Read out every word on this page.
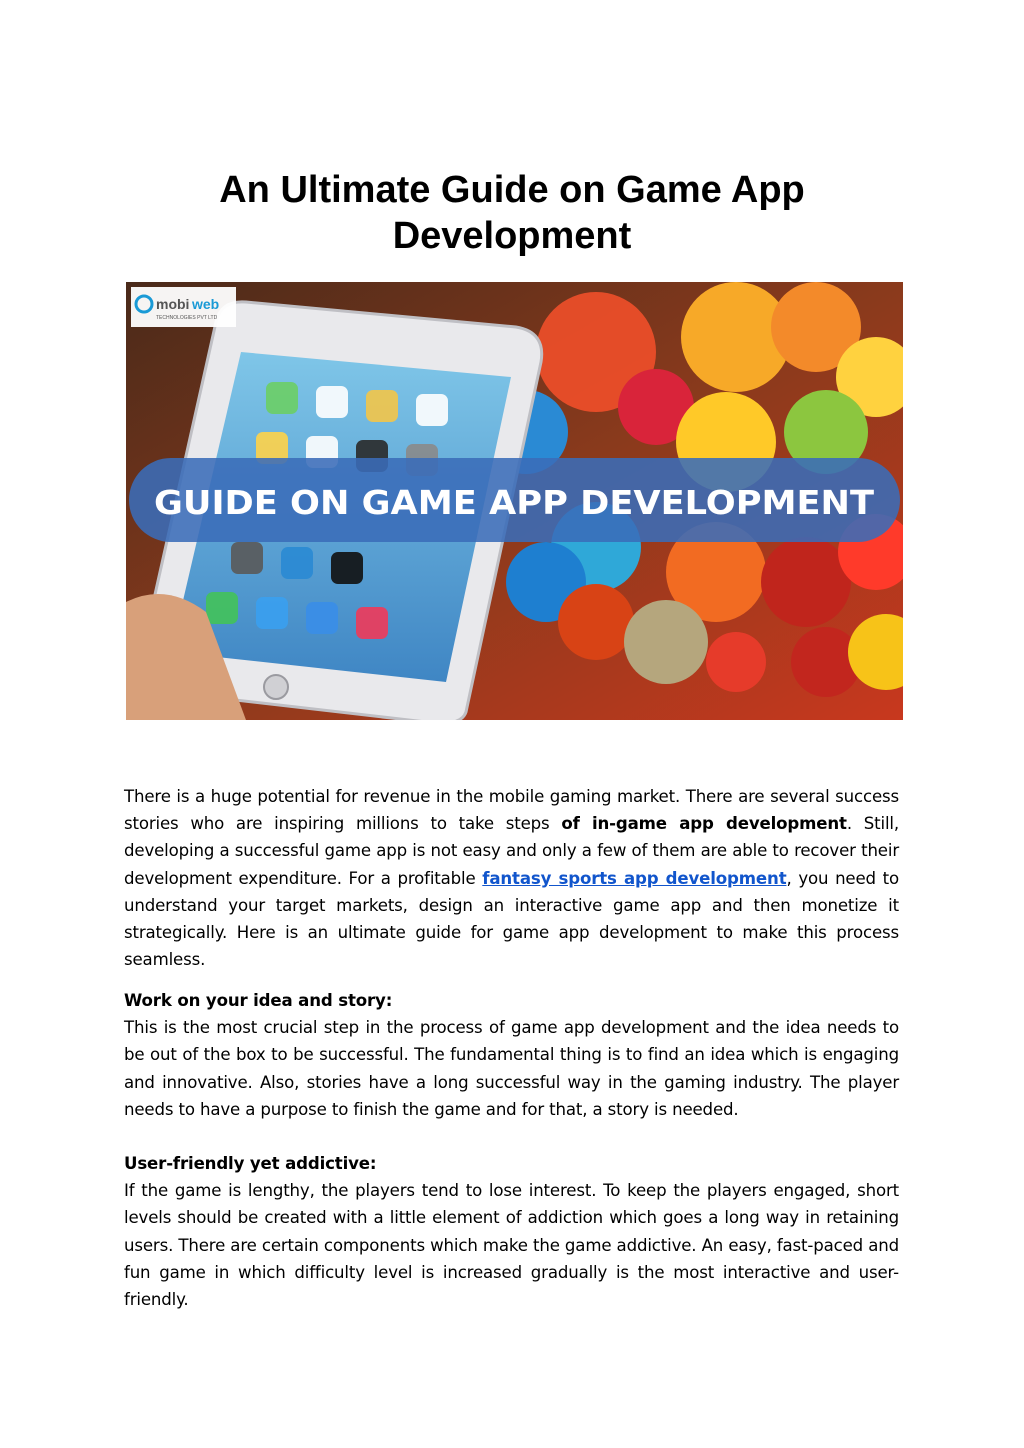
An Ultimate Guide on Game App
Development
mobi web
TECHNOLOGIES PVT LTD
GUIDE ON GAME APP DEVELOPMENT

There is a huge potential for revenue in the mobile gaming market. There are several success stories who are inspiring millions to take steps of in-game app development. Still, developing a successful game app is not easy and only a few of them are able to recover their development expenditure. For a profitable fantasy sports app development, you need to understand your target markets, design an interactive game app and then monetize it strategically. Here is an ultimate guide for game app development to make this process seamless.

Work on your idea and story:
This is the most crucial step in the process of game app development and the idea needs to be out of the box to be successful. The fundamental thing is to find an idea which is engaging and innovative. Also, stories have a long successful way in the gaming industry. The player needs to have a purpose to finish the game and for that, a story is needed.

User-friendly yet addictive:
If the game is lengthy, the players tend to lose interest. To keep the players engaged, short levels should be created with a little element of addiction which goes a long way in retaining users. There are certain components which make the game addictive. An easy, fast-paced and fun game in which difficulty level is increased gradually is the most interactive and user-friendly.
